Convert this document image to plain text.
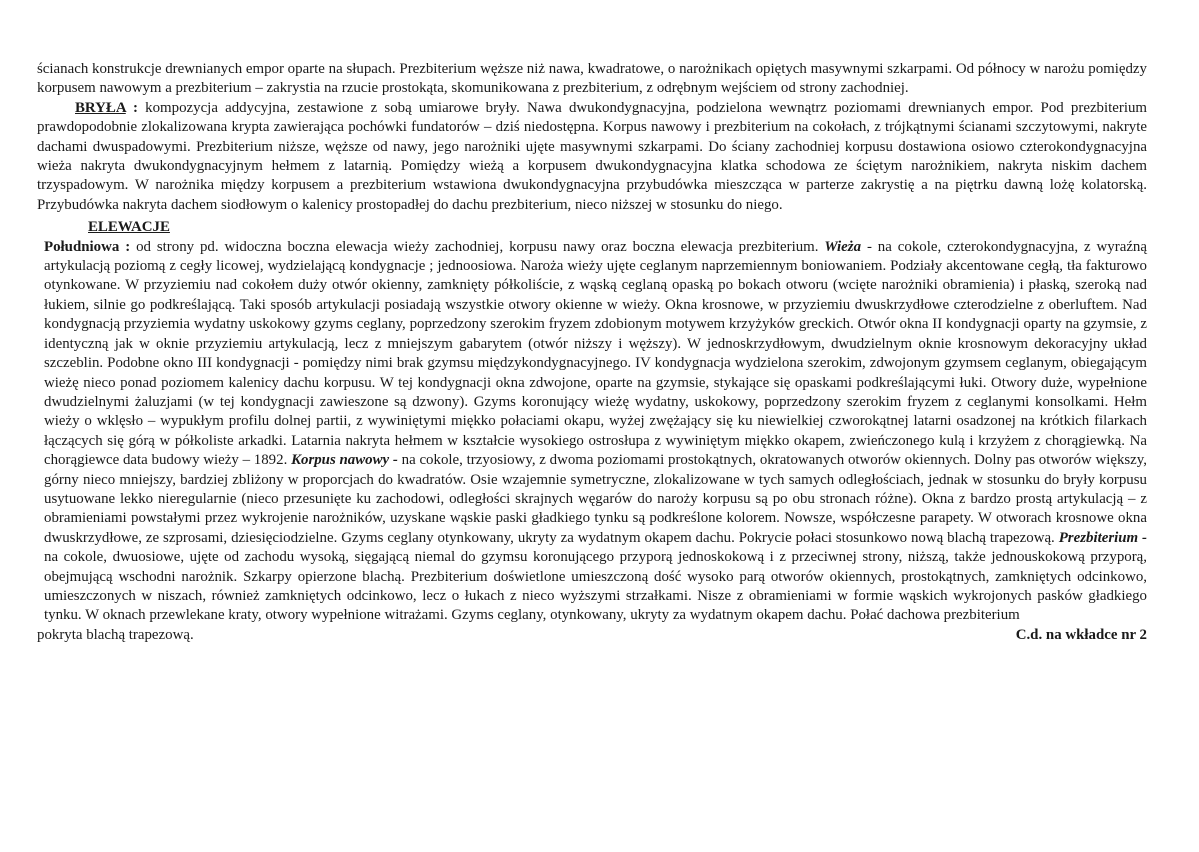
ścianach konstrukcje drewnianych empor oparte na słupach. Prezbiterium węższe niż nawa, kwadratowe, o narożnikach opiętych masywnymi szkarpami. Od północy w narożu pomiędzy korpusem nawowym a prezbiterium – zakrystia na rzucie prostokąta, skomunikowana z prezbiterium, z odrębnym wejściem od strony zachodniej.

BRYŁA : kompozycja addycyjna, zestawione z sobą umiarowe bryły. Nawa dwukondygnacyjna, podzielona wewnątrz poziomami drewnianych empor. Pod prezbiterium prawdopodobnie zlokalizowana krypta zawierająca pochówki fundatorów – dziś niedostępna. Korpus nawowy i prezbiterium na cokołach, z trójkątnymi ścianami szczytowymi, nakryte dachami dwuspadowymi. Prezbiterium niższe, węższe od nawy, jego narożniki ujęte masywnymi szkarpami. Do ściany zachodniej korpusu dostawiona osiowo czterokondygnacyjna wieża nakryta dwukondygnacyjnym hełmem z latarnią. Pomiędzy wieżą a korpusem dwukondygnacyjna klatka schodowa ze ściętym narożnikiem, nakryta niskim dachem trzyspadowym. W narożnika między korpusem a prezbiterium wstawiona dwukondygnacyjna przybudówka mieszcząca w parterze zakrystię a na piętrku dawną lożę kolatorską. Przybudówka nakryta dachem siodłowym o kalenicy prostopadłej do dachu prezbiterium, nieco niższej w stosunku do niego.

ELEWACJE

Południowa : od strony pd. widoczna boczna elewacja wieży zachodniej, korpusu nawy oraz boczna elewacja prezbiterium. Wieża - na cokole, czterokondygnacyjna, z wyraźną artykulacją poziomą z cegły licowej, wydzielającą kondygnacje ; jednoosiowa. Naroża wieży ujęte ceglanym naprzemiennym boniowaniem. Podziały akcentowane cegłą, tła fakturowo otynkowane. W przyziemiu nad cokołem duży otwór okienny, zamknięty półkoliście, z wąską ceglaną opaską po bokach otworu (wcięte narożniki obramienia) i płaską, szeroką nad łukiem, silnie go podkreślającą. Taki sposób artykulacji posiadają wszystkie otwory okienne w wieży. Okna krosnowe, w przyziemiu dwuskrzydłowe czterodzielne z oberluftem. Nad kondygnacją przyziemia wydatny uskokowy gzyms ceglany, poprzedzony szerokim fryzem zdobionym motywem krzyżyków greckich. Otwór okna II kondygnacji oparty na gzymsie, z identyczną jak w oknie przyziemiu artykulacją, lecz z mniejszym gabarytem (otwór niższy i węższy). W jednoskrzydłowym, dwudzielnym oknie krosnowym dekoracyjny układ szczeblin. Podobne okno III kondygnacji - pomiędzy nimi brak gzymsu międzykondygnacyjnego. IV kondygnacja wydzielona szerokim, zdwojonym gzymsem ceglanym, obiegającym wieżę nieco ponad poziomem kalenicy dachu korpusu. W tej kondygnacji okna zdwojone, oparte na gzymsie, stykające się opaskami podkreślającymi łuki. Otwory duże, wypełnione dwudzielnymi żaluzjami (w tej kondygnacji zawieszone są dzwony). Gzyms koronujący wieżę wydatny, uskokowy, poprzedzony szerokim fryzem z ceglanymi konsolkami. Hełm wieży o wklęsło – wypukłym profilu dolnej partii, z wywiniętymi miękko połaciami okapu, wyżej zwężający się ku niewielkiej czworokątnej latarni osadzonej na krótkich filarkach łączących się górą w półkoliste arkadki. Latarnia nakryta hełmem w kształcie wysokiego ostrosłupa z wywiniętym miękko okapem, zwieńczonego kulą i krzyżem z chorągiewką. Na chorągiewce data budowy wieży – 1892. Korpus nawowy - na cokole, trzyosiowy, z dwoma poziomami prostokątnych, okratowanych otworów okiennych. Dolny pas otworów większy, górny nieco mniejszy, bardziej zbliżony w proporcjach do kwadratów. Osie wzajemnie symetryczne, zlokalizowane w tych samych odległościach, jednak w stosunku do bryły korpusu usytuowane lekko nieregularnie (nieco przesunięte ku zachodowi, odległości skrajnych węgarów do naroży korpusu są po obu stronach różne). Okna z bardzo prostą artykulacją – z obramieniami powstałymi przez wykrojenie narożników, uzyskane wąskie paski gładkiego tynku są podkreślone kolorem. Nowsze, współczesne parapety. W otworach krosnowe okna dwuskrzydłowe, ze szprosami, dziesięciodzielne. Gzyms ceglany otynkowany, ukryty za wydatnym okapem dachu. Pokrycie połaci stosunkowo nową blachą trapezową. Prezbiterium - na cokole, dwuosiowe, ujęte od zachodu wysoką, sięgającą niemal do gzymsu koronującego przyporą jednoskokową i z przeciwnej strony, niższą, także jednouskokową przyporą, obejmującą wschodni narożnik. Szkarpy opierzone blachą. Prezbiterium doświetlone umieszczoną dość wysoko parą otworów okiennych, prostokątnych, zamkniętych odcinkowo, umieszczonych w niszach, również zamkniętych odcinkowo, lecz o łukach z nieco wyższymi strzałkami. Nisze z obramieniami w formie wąskich wykrojonych pasków gładkiego tynku. W oknach przewlekane kraty, otwory wypełnione witrażami. Gzyms ceglany, otynkowany, ukryty za wydatnym okapem dachu. Połać dachowa prezbiterium

pokryta blachą trapezową.	C.d. na wkładce nr 2
